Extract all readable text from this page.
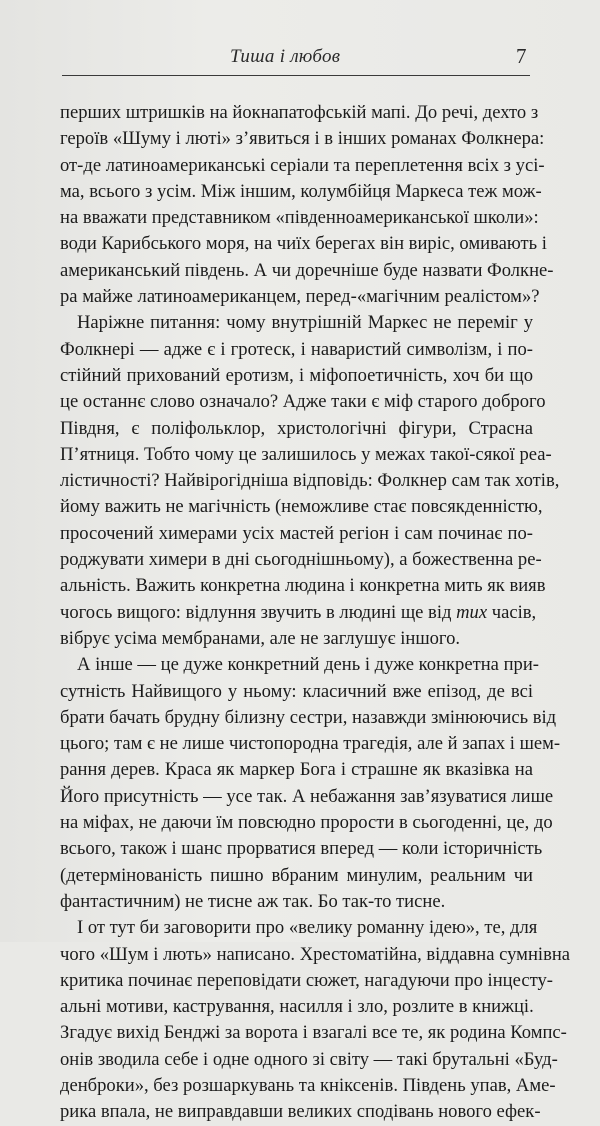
Тиша і любов	7
перших штришків на йокнапатофській мапі. До речі, дехто з
героїв «Шуму і люті» з’явиться і в інших романах Фолкнера:
от-де латиноамериканські серіали та переплетення всіх з усі-
ма, всього з усім. Між іншим, колумбійця Маркеса теж мож-
на вважати представником «південноамериканської школи»:
води Карибського моря, на чиїх берегах він виріс, омивають і
американський південь. А чи доречніше буде назвати Фолкне-
ра майже латиноамериканцем, перед-«магічним реалістом»?
Наріжне питання: чому внутрішній Маркес не переміг у
Фолкнері — адже є і гротеск, і наваристий символізм, і по-
стійний прихований еротизм, і міфопоетичність, хоч би що
це останнє слово означало? Адже таки є міф старого доброго
Півдня, є поліфольклор, христологічні фігури, Страсна
П’ятниця. Тобто чому це залишилось у межах такої-сякої реа-
лістичності? Найвірогідніша відповідь: Фолкнер сам так хотів,
йому важить не магічність (неможливе стає повсякденністю,
просочений химерами усіх мастей регіон і сам починає по-
роджувати химери в дні сьогоднішньому), а божественна ре-
альність. Важить конкретна людина і конкретна мить як вияв
чогось вищого: відлуння звучить в людині ще від тих часів,
вібрує усіма мембранами, але не заглушує іншого.
А інше — це дуже конкретний день і дуже конкретна при-
сутність Найвищого у ньому: класичний вже епізод, де всі
брати бачать брудну білизну сестри, назавжди змінюючись від
цього; там є не лише чистопородна трагедія, але й запах і шем-
рання дерев. Краса як маркер Бога і страшне як вказівка на
Його присутність — усе так. А небажання зав’язуватися лише
на міфах, не даючи їм повсюдно прорости в сьогоденні, це, до
всього, також і шанс прорватися вперед — коли історичність
(детермінованість пишно вбраним минулим, реальним чи
фантастичним) не тисне аж так. Бо так-то тисне.
І от тут би заговорити про «велику романну ідею», те, для
чого «Шум і лють» написано. Хрестоматійна, віддавна сумнівна
критика починає переповідати сюжет, нагадуючи про інцесту-
альні мотиви, кастрування, насилля і зло, розлите в книжці.
Згадує вихід Бенджі за ворота і взагалі все те, як родина Компс-
онів зводила себе і одне одного зі світу — такі брутальні «Буд-
денброки», без розшаркувань та кніксенів. Південь упав, Аме-
рика впала, не виправдавши великих сподівань нового ефек-
